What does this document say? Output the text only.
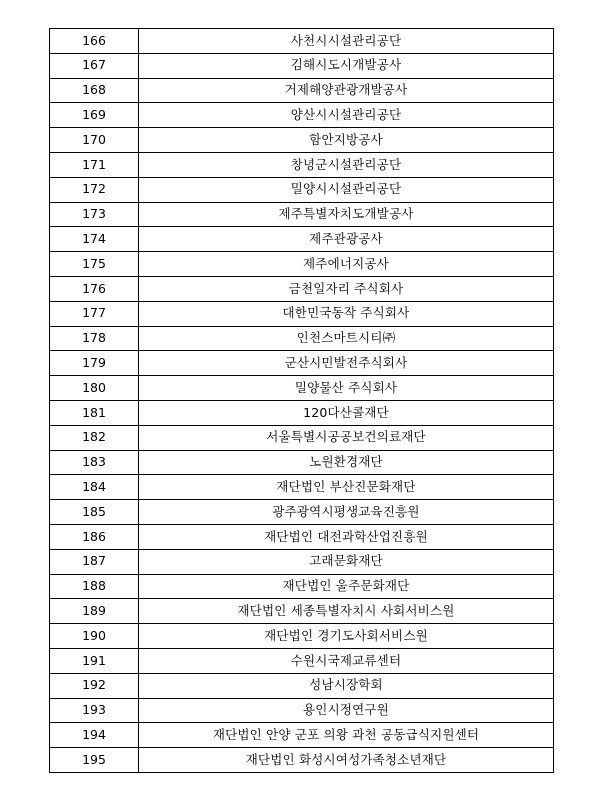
166	사천시시설관리공단
167	김해시도시개발공사
168	거제해양관광개발공사
169	양산시시설관리공단
170	함안지방공사
171	창녕군시설관리공단
172	밀양시시설관리공단
173	제주특별자치도개발공사
174	제주관광공사
175	제주에너지공사
176	금천일자리 주식회사
177	대한민국동작 주식회사
178	인천스마트시티㈜
179	군산시민발전주식회사
180	밀양물산 주식회사
181	120다산콜재단
182	서울특별시공공보건의료재단
183	노원환경재단
184	재단법인 부산진문화재단
185	광주광역시평생교육진흥원
186	재단법인 대전과학산업진흥원
187	고래문화재단
188	재단법인 울주문화재단
189	재단법인 세종특별자치시 사회서비스원
190	재단법인 경기도사회서비스원
191	수원시국제교류센터
192	성남시장학회
193	용인시정연구원
194	재단법인 안양 군포 의왕 과천 공동급식지원센터
195	재단법인 화성시여성가족청소년재단
